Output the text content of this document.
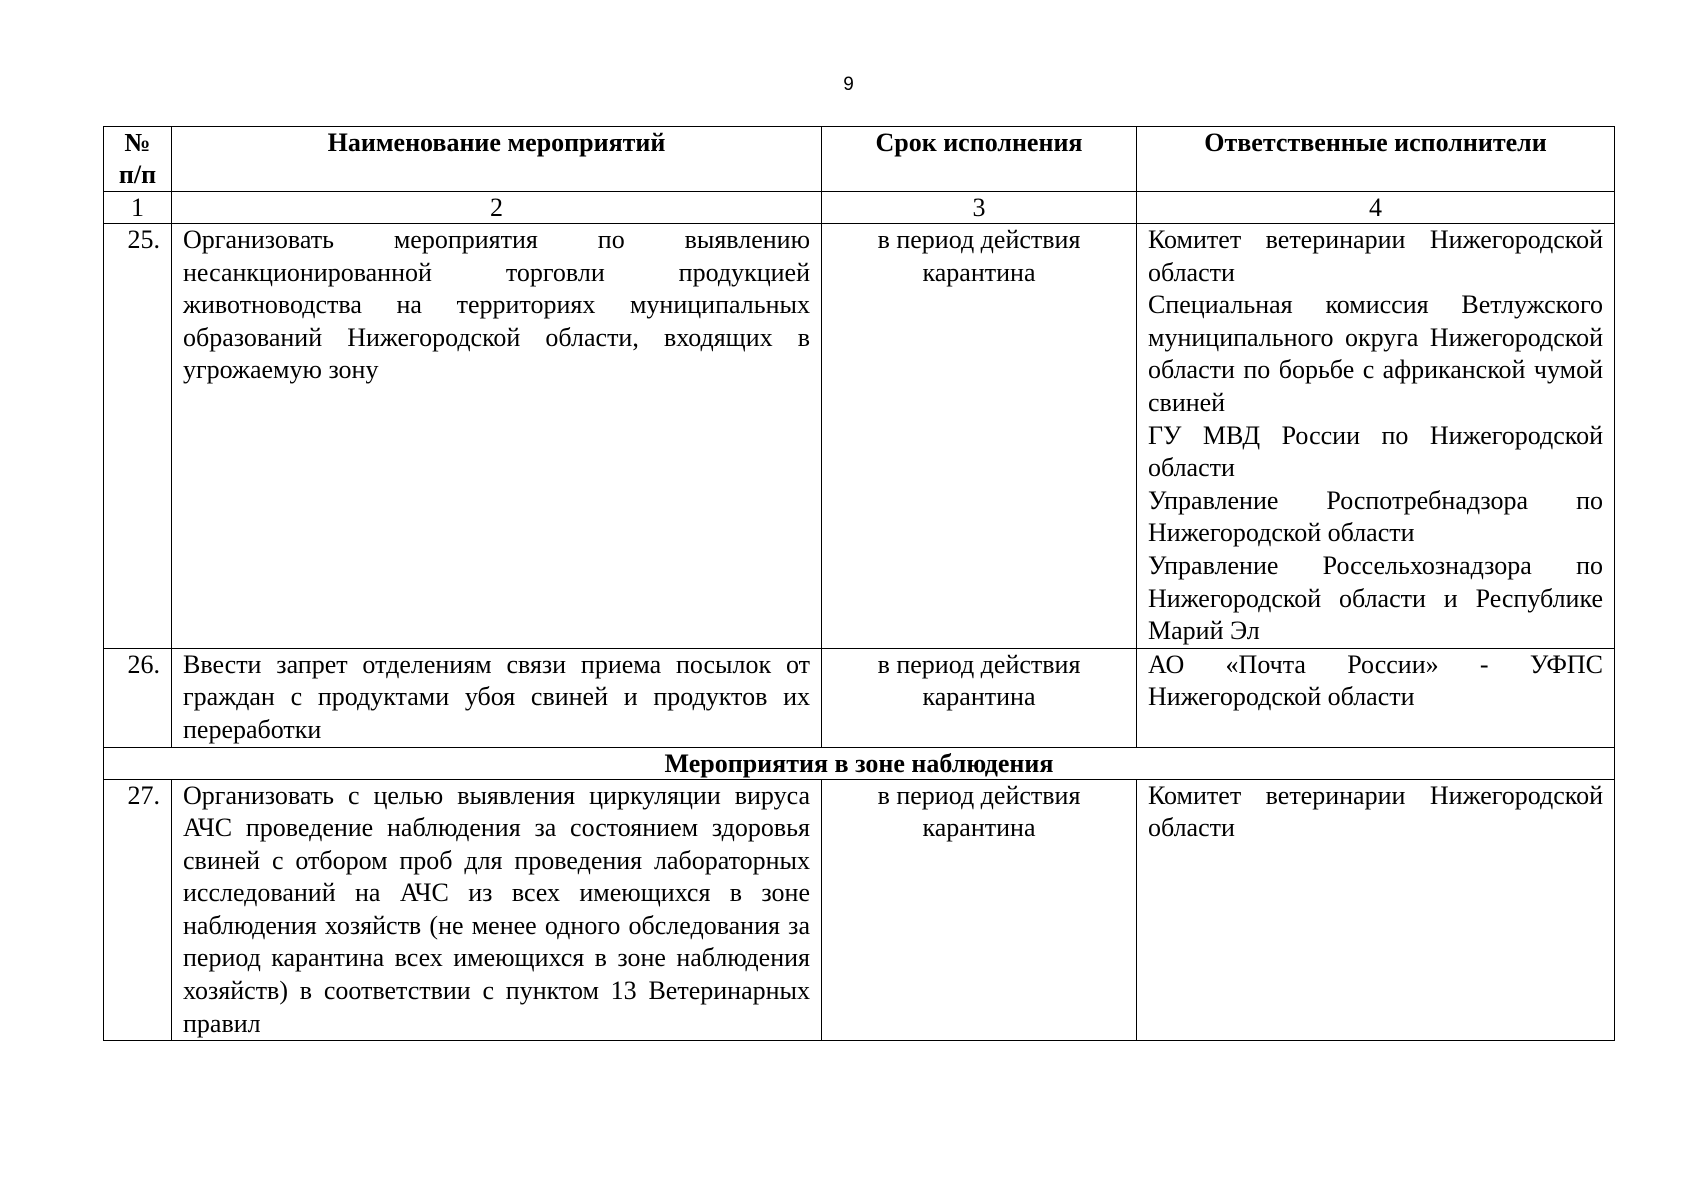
9
№ п/п	Наименование мероприятий	Срок исполнения	Ответственные исполнители
1	2	3	4
25.	Организовать мероприятия по выявлению несанкционированной торговли продукцией животноводства на территориях муниципальных образований Нижегородской области, входящих в угрожаемую зону	в период действия карантина	Комитет ветеринарии Нижегородской области
Специальная комиссия Ветлужского муниципального округа Нижегородской области по борьбе с африканской чумой свиней
ГУ МВД России по Нижегородской области
Управление Роспотребнадзора по Нижегородской области
Управление Россельхознадзора по Нижегородской области и Республике Марий Эл

26.	Ввести запрет отделениям связи приема посылок от граждан с продуктами убоя свиней и продуктов их переработки	в период действия карантина	АО «Почта России» - УФПС Нижегородской области

Мероприятия в зоне наблюдения			
27.	Организовать с целью выявления циркуляции вируса АЧС проведение наблюдения за состоянием здоровья свиней с отбором проб для проведения лабораторных исследований на АЧС из всех имеющихся в зоне наблюдения хозяйств (не менее одного обследования за период карантина всех имеющихся в зоне наблюдения хозяйств) в соответствии с пунктом 13 Ветеринарных правил	в период действия карантина	Комитет ветеринарии Нижегородской области
